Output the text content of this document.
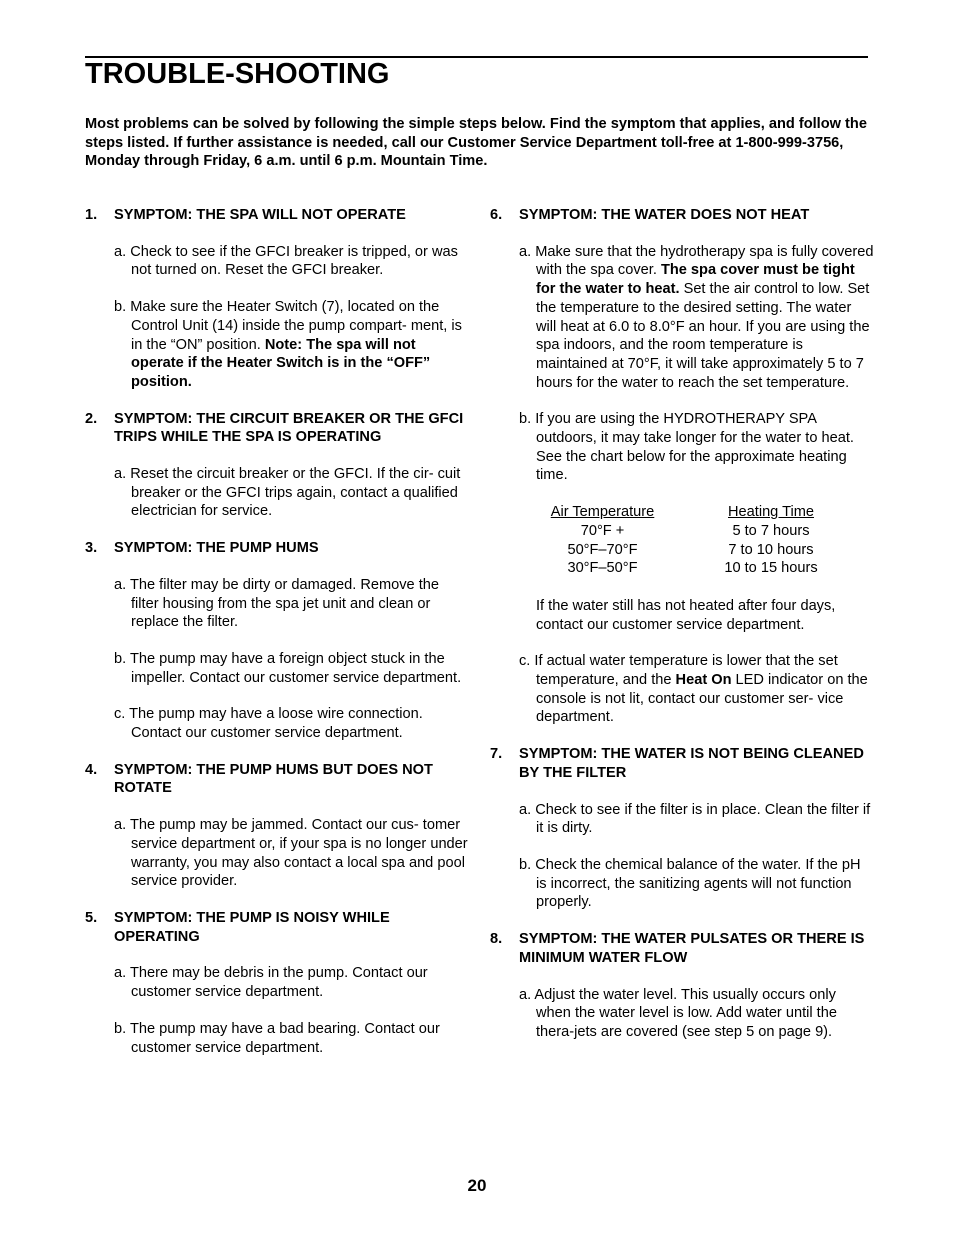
TROUBLE-SHOOTING
Most problems can be solved by following the simple steps below. Find the symptom that applies, and follow the steps listed. If further assistance is needed, call our Customer Service Department toll-free at 1-800-999-3756, Monday through Friday, 6 a.m. until 6 p.m. Mountain Time.
1.	SYMPTOM: THE SPA WILL NOT OPERATE
a. Check to see if the GFCI breaker is tripped, or was not turned on. Reset the GFCI breaker.
b. Make sure the Heater Switch (7), located on the Control Unit (14) inside the pump compart- ment, is in the “ON” position. Note: The spa will not operate if the Heater Switch is in the “OFF” position.
2.	SYMPTOM: THE CIRCUIT BREAKER OR THE GFCI TRIPS WHILE THE SPA IS OPERATING
a. Reset the circuit breaker or the GFCI. If the cir- cuit breaker or the GFCI trips again, contact a qualified electrician for service.
3.	SYMPTOM: THE PUMP HUMS
a. The filter may be dirty or damaged. Remove the filter housing from the spa jet unit and clean or replace the filter.
b. The pump may have a foreign object stuck in the impeller. Contact our customer service department.
c. The pump may have a loose wire connection. Contact our customer service department.
4.	SYMPTOM: THE PUMP HUMS BUT DOES NOT ROTATE
a. The pump may be jammed. Contact our cus- tomer service department or, if your spa is no longer under warranty, you may also contact a local spa and pool service provider.
5.	SYMPTOM: THE PUMP IS NOISY WHILE OPERATING
a. There may be debris in the pump. Contact our customer service department.
b. The pump may have a bad bearing. Contact our customer service department.
6.	SYMPTOM: THE WATER DOES NOT HEAT
a. Make sure that the hydrotherapy spa is fully covered with the spa cover. The spa cover must be tight for the water to heat. Set the air control to low. Set the temperature to the desired setting. The water will heat at 6.0 to 8.0°F an hour. If you are using the spa indoors, and the room temperature is maintained at 70°F, it will take approximately 5 to 7 hours for the water to reach the set temperature.
b. If you are using the HYDROTHERAPY SPA outdoors, it may take longer for the water to heat. See the chart below for the approximate heating time.
Air Temperature	Heating Time
70°F +	5 to 7 hours
50°F–70°F	7 to 10 hours
30°F–50°F	10 to 15 hours
If the water still has not heated after four days, contact our customer service department.
c. If actual water temperature is lower that the set temperature, and the Heat On LED indicator on the console is not lit, contact our customer ser- vice department.
7.	SYMPTOM: THE WATER IS NOT BEING CLEANED BY THE FILTER
a. Check to see if the filter is in place. Clean the filter if it is dirty.
b. Check the chemical balance of the water. If the pH is incorrect, the sanitizing agents will not function properly.
8.	SYMPTOM: THE WATER PULSATES OR THERE IS MINIMUM WATER FLOW
a. Adjust the water level. This usually occurs only when the water level is low. Add water until the thera-jets are covered (see step 5 on page 9).
20
